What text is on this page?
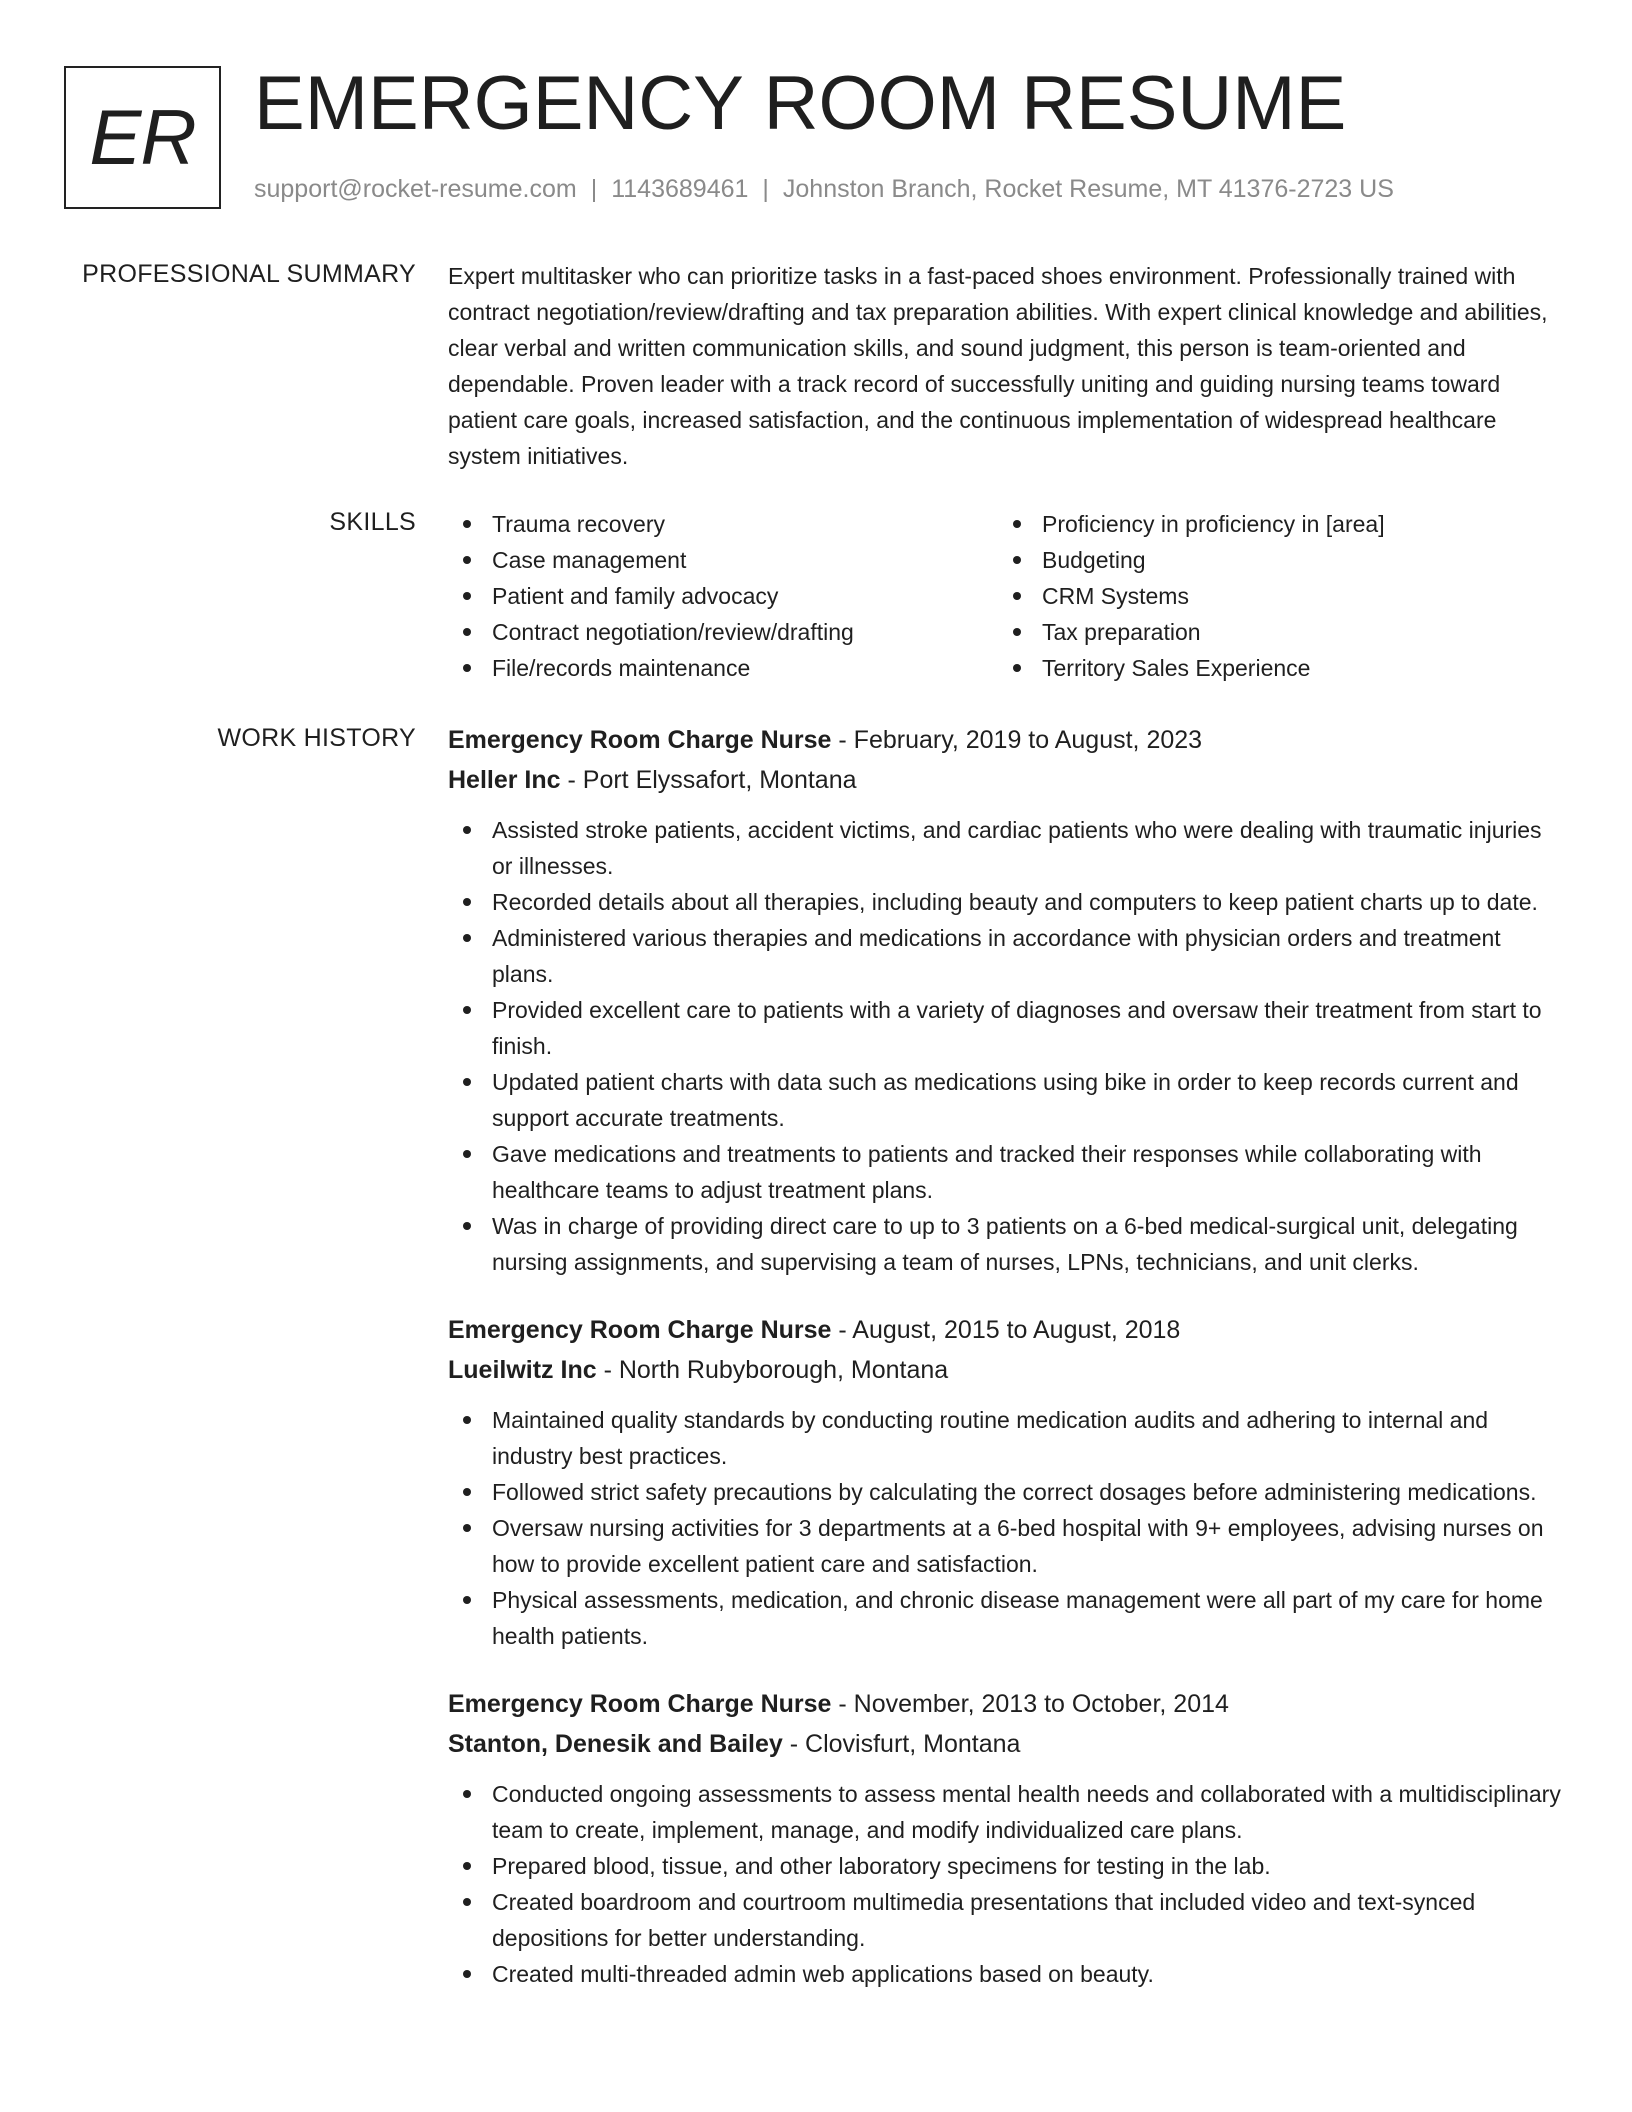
ER EMERGENCY ROOM RESUME
support@rocket-resume.com | 1143689461 | Johnston Branch, Rocket Resume, MT 41376-2723 US
PROFESSIONAL SUMMARY Expert multitasker who can prioritize tasks in a fast-paced shoes environment. Professionally trained with contract negotiation/review/drafting and tax preparation abilities. With expert clinical knowledge and abilities, clear verbal and written communication skills, and sound judgment, this person is team-oriented and dependable. Proven leader with a track record of successfully uniting and guiding nursing teams toward patient care goals, increased satisfaction, and the continuous implementation of widespread healthcare system initiatives.
SKILLS	Trauma recovery
Case management
Patient and family advocacy
Contract negotiation/review/drafting
File/records maintenance
Proficiency in proficiency in [area]
Budgeting
CRM Systems
Tax preparation
Territory Sales Experience
WORK HISTORY Emergency Room Charge Nurse - February, 2019 to August, 2023
Heller Inc - Port Elyssafort, Montana
Assisted stroke patients, accident victims, and cardiac patients who were dealing with traumatic injuries or illnesses.
Recorded details about all therapies, including beauty and computers to keep patient charts up to date.
Administered various therapies and medications in accordance with physician orders and treatment plans.
Provided excellent care to patients with a variety of diagnoses and oversaw their treatment from start to finish.
Updated patient charts with data such as medications using bike in order to keep records current and support accurate treatments.
Gave medications and treatments to patients and tracked their responses while collaborating with healthcare teams to adjust treatment plans.
Was in charge of providing direct care to up to 3 patients on a 6-bed medical-surgical unit, delegating nursing assignments, and supervising a team of nurses, LPNs, technicians, and unit clerks.
Emergency Room Charge Nurse - August, 2015 to August, 2018
Lueilwitz Inc - North Rubyborough, Montana
Maintained quality standards by conducting routine medication audits and adhering to internal and industry best practices.
Followed strict safety precautions by calculating the correct dosages before administering medications.
Oversaw nursing activities for 3 departments at a 6-bed hospital with 9+ employees, advising nurses on how to provide excellent patient care and satisfaction.
Physical assessments, medication, and chronic disease management were all part of my care for home health patients.
Emergency Room Charge Nurse - November, 2013 to October, 2014
Stanton, Denesik and Bailey - Clovisfurt, Montana
Conducted ongoing assessments to assess mental health needs and collaborated with a multidisciplinary team to create, implement, manage, and modify individualized care plans.
Prepared blood, tissue, and other laboratory specimens for testing in the lab.
Created boardroom and courtroom multimedia presentations that included video and text-synced depositions for better understanding.
Created multi-threaded admin web applications based on beauty.
